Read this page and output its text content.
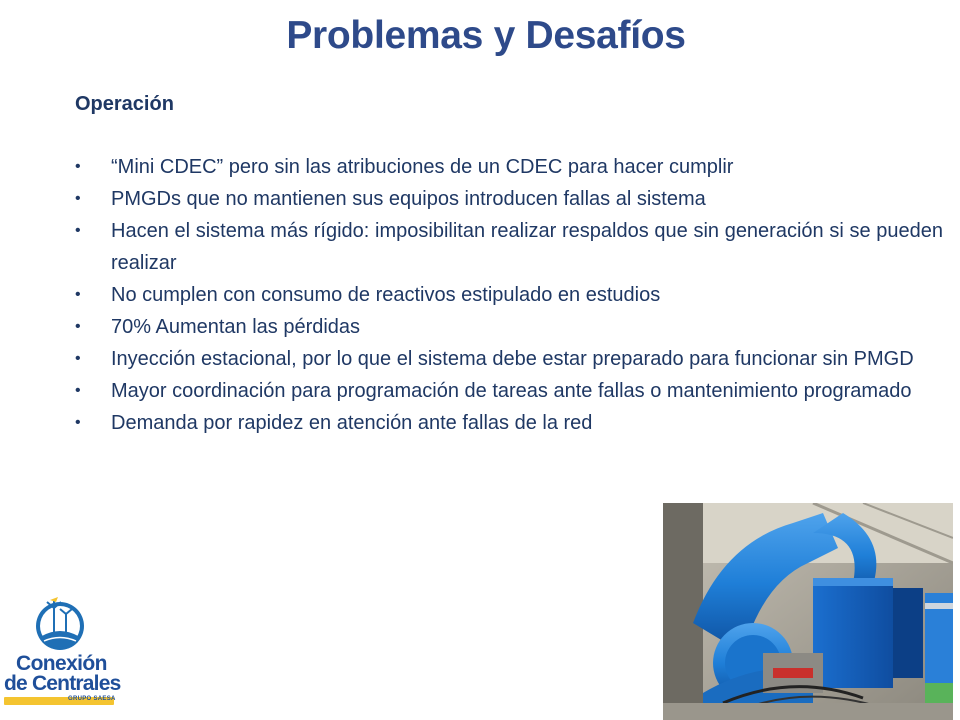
Problemas y Desafíos
Operación
•	“Mini CDEC” pero sin las atribuciones de un CDEC para hacer cumplir
•	PMGDs que no mantienen sus equipos introducen fallas al sistema
•	Hacen el sistema más rígido: imposibilitan realizar respaldos que sin generación si se pueden realizar
•	No cumplen con consumo de reactivos estipulado en estudios
•	70% Aumentan las pérdidas
•	Inyección estacional, por lo que el sistema debe estar preparado para funcionar sin PMGD
•	Mayor coordinación para programación de tareas ante fallas o mantenimiento programado
•	Demanda por rapidez en atención ante fallas de la red
Conexión
de Centrales
GRUPO SAESA
